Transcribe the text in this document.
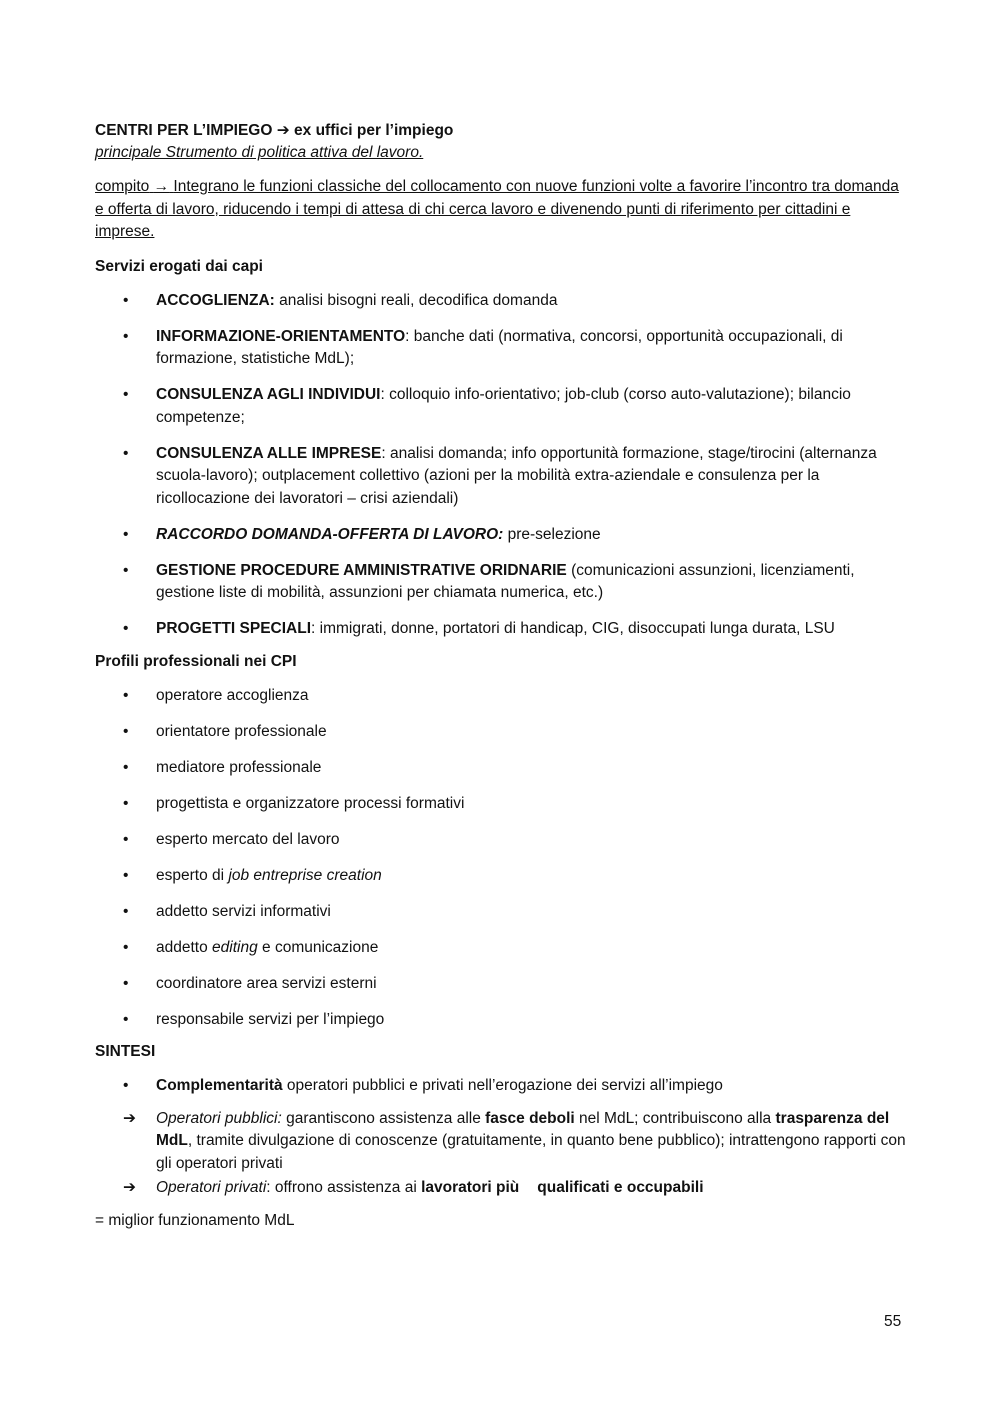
CENTRI PER L’IMPIEGO ➔ ex uffici per l’impiego

principale Strumento di politica attiva del lavoro.

compito → Integrano le funzioni classiche del collocamento con nuove funzioni volte a favorire l’incontro tra domanda e offerta di lavoro, riducendo i tempi di attesa di chi cerca lavoro e divenendo punti di riferimento per cittadini e imprese.

Servizi erogati dai capi

• ACCOGLIENZA: analisi bisogni reali, decodifica domanda
• INFORMAZIONE-ORIENTAMENTO: banche dati (normativa, concorsi, opportunità occupazionali, di formazione, statistiche MdL);
• CONSULENZA AGLI INDIVIDUI: colloquio info-orientativo; job-club (corso auto-valutazione); bilancio competenze;
• CONSULENZA ALLE IMPRESE: analisi domanda; info opportunità formazione, stage/tirocini (alternanza scuola-lavoro); outplacement collettivo (azioni per la mobilità extra-aziendale e consulenza per la ricollocazione dei lavoratori – crisi aziendali)
• RACCORDO DOMANDA-OFFERTA DI LAVORO: pre-selezione
• GESTIONE PROCEDURE AMMINISTRATIVE ORIDNARIE (comunicazioni assunzioni, licenziamenti, gestione liste di mobilità, assunzioni per chiamata numerica, etc.)
• PROGETTI SPECIALI: immigrati, donne, portatori di handicap, CIG, disoccupati lunga durata, LSU

Profili professionali nei CPI

• operatore accoglienza
• orientatore professionale
• mediatore professionale
• progettista e organizzatore processi formativi
• esperto mercato del lavoro
• esperto di job entreprise creation
• addetto servizi informativi
• addetto editing e comunicazione
• coordinatore area servizi esterni
• responsabile servizi per l’impiego

SINTESI

• Complementarità operatori pubblici e privati nell’erogazione dei servizi all’impiego
➔ Operatori pubblici: garantiscono assistenza alle fasce deboli nel MdL; contribuiscono alla trasparenza del MdL, tramite divulgazione di conoscenze (gratuitamente, in quanto bene pubblico); intrattengono rapporti con gli operatori privati
➔ Operatori privati: offrono assistenza ai lavoratori più qualificati e occupabili

= miglior funzionamento MdL

55
